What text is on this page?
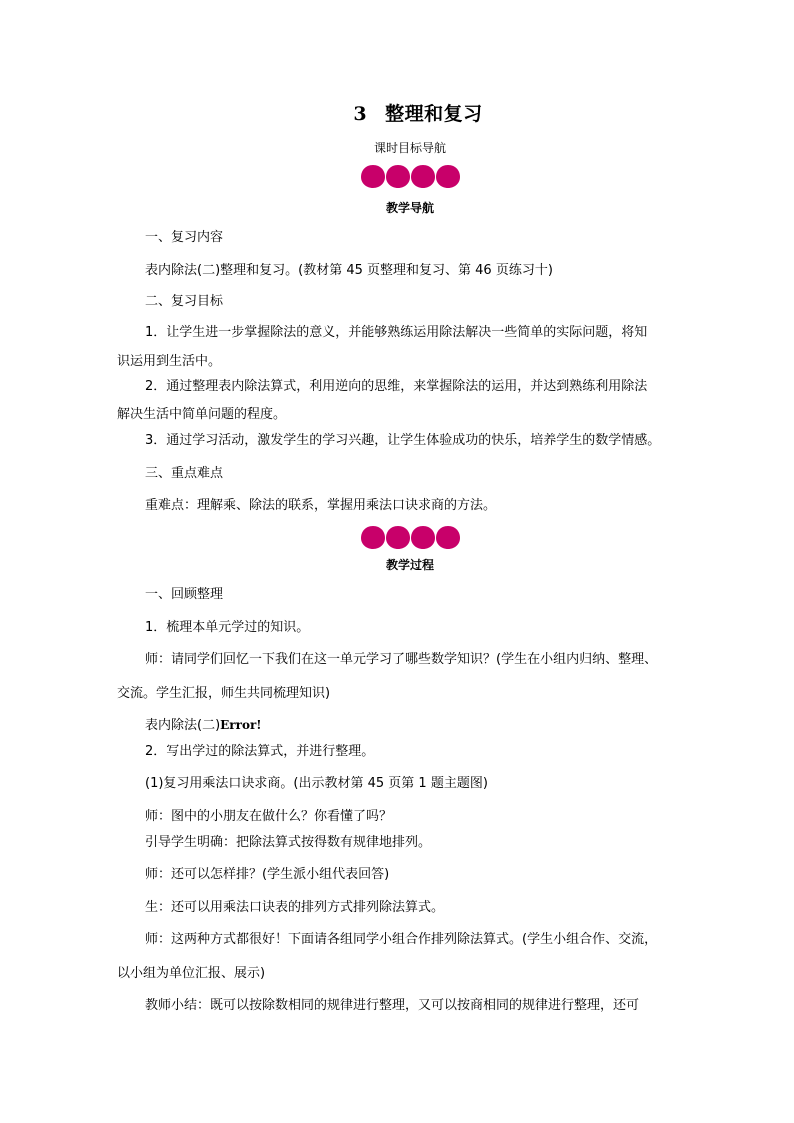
3 整理和复习
课时目标导航
教学导航
一、复习内容
表内除法(二)整理和复习。(教材第 45 页整理和复习、第 46 页练习十)
二、复习目标
1．让学生进一步掌握除法的意义，并能够熟练运用除法解决一些简单的实际问题，将知
识运用到生活中。
2．通过整理表内除法算式，利用逆向的思维，来掌握除法的运用，并达到熟练利用除法
解决生活中简单问题的程度。
3．通过学习活动，激发学生的学习兴趣，让学生体验成功的快乐，培养学生的数学情感。
三、重点难点
重难点：理解乘、除法的联系，掌握用乘法口诀求商的方法。
教学过程
一、回顾整理
1．梳理本单元学过的知识。
师：请同学们回忆一下我们在这一单元学习了哪些数学知识？(学生在小组内归纳、整理、
交流。学生汇报，师生共同梳理知识)
表内除法(二)Error!
2．写出学过的除法算式，并进行整理。
(1)复习用乘法口诀求商。(出示教材第 45 页第 1 题主题图)
师：图中的小朋友在做什么？你看懂了吗？
引导学生明确：把除法算式按得数有规律地排列。
师：还可以怎样排？(学生派小组代表回答)
生：还可以用乘法口诀表的排列方式排列除法算式。
师：这两种方式都很好！下面请各组同学小组合作排列除法算式。(学生小组合作、交流，
以小组为单位汇报、展示)
教师小结：既可以按除数相同的规律进行整理，又可以按商相同的规律进行整理，还可
